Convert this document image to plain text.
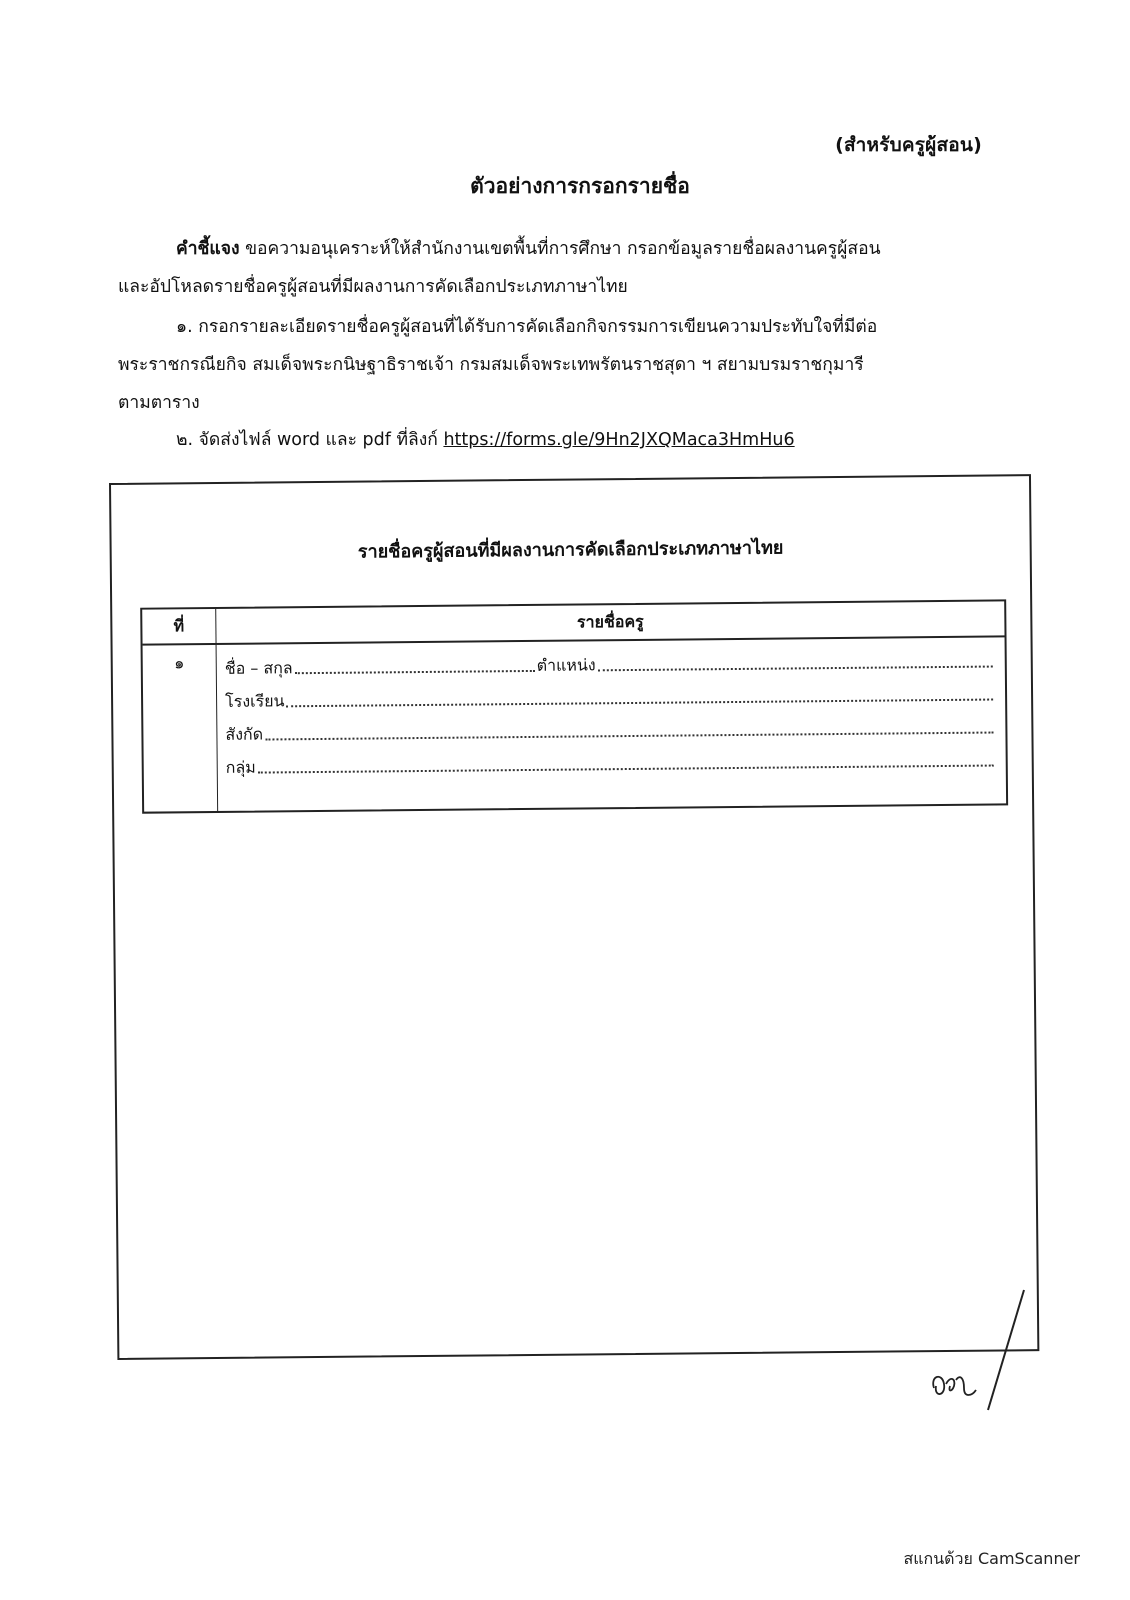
(สำหรับครูผู้สอน)
ตัวอย่างการกรอกรายชื่อ

คำชี้แจง ขอความอนุเคราะห์ให้สำนักงานเขตพื้นที่การศึกษา กรอกข้อมูลรายชื่อผลงานครูผู้สอน

และอัปโหลดรายชื่อครูผู้สอนที่มีผลงานการคัดเลือกประเภทภาษาไทย

๑. กรอกรายละเอียดรายชื่อครูผู้สอนที่ได้รับการคัดเลือกกิจกรรมการเขียนความประทับใจที่มีต่อ

พระราชกรณียกิจ สมเด็จพระกนิษฐาธิราชเจ้า กรมสมเด็จพระเทพรัตนราชสุดา ฯ สยามบรมราชกุมารี

ตามตาราง

๒. จัดส่งไฟล์ word และ pdf ที่ลิงก์ https://forms.gle/9Hn2JXQMaca3HmHu6

รายชื่อครูผู้สอนที่มีผลงานการคัดเลือกประเภทภาษาไทย
ที่	รายชื่อครู
๑	ชื่อ – สกุล	ตำแหน่ง
โรงเรียน
สังกัด
กลุ่ม
สแกนด้วย CamScanner
